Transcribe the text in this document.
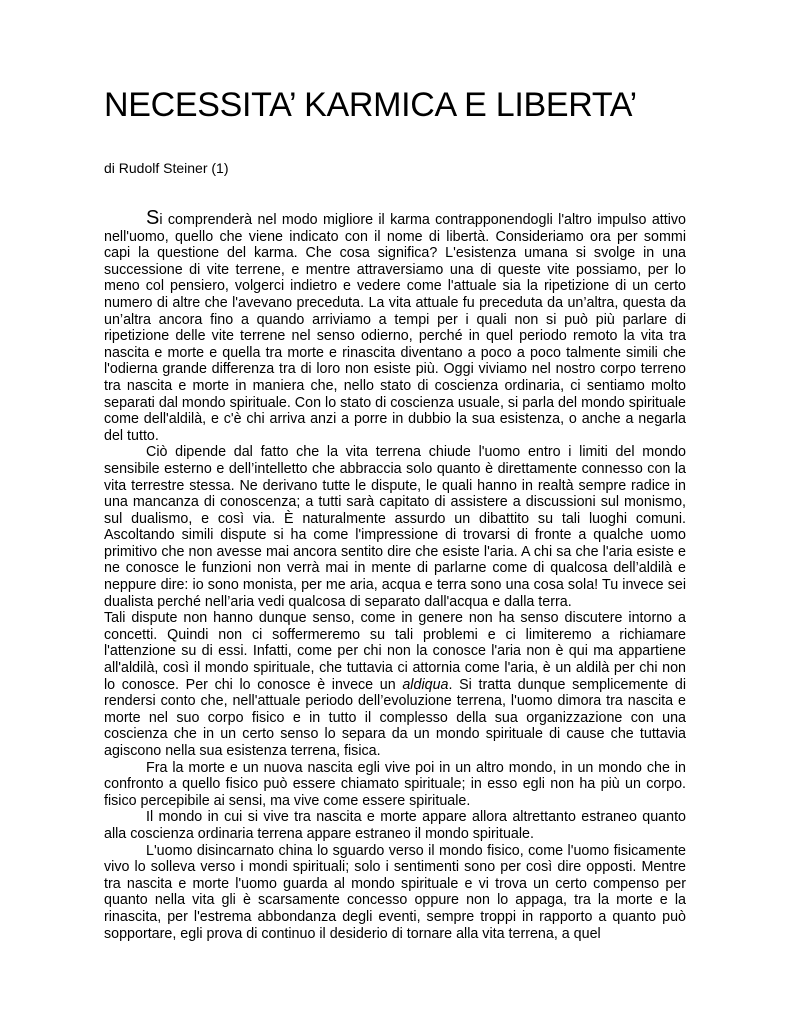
NECESSITA’ KARMICA E LIBERTA’

di Rudolf Steiner (1)

Si comprenderà nel modo migliore il karma contrapponendogli l'altro impulso attivo nell'uomo, quello che viene indicato con il nome di libertà. Consideriamo ora per sommi capi la questione del karma. Che cosa significa? L'esistenza umana si svolge in una successione di vite terrene, e mentre attraversiamo una di queste vite possiamo, per lo meno col pensiero, volgerci indietro e vedere come l'attuale sia la ripetizione di un certo numero di altre che l'avevano preceduta. La vita attuale fu preceduta da un’altra, questa da un’altra ancora fino a quando arriviamo a tempi per i quali non si può più parlare di ripetizione delle vite terrene nel senso odierno, perché in quel periodo remoto la vita tra nascita e morte e quella tra morte e rinascita diventano a poco a poco talmente simili che l'odierna grande differenza tra di loro non esiste più. Oggi viviamo nel nostro corpo terreno tra nascita e morte in maniera che, nello stato di coscienza ordinaria, ci sentiamo molto separati dal mondo spirituale. Con lo stato di coscienza usuale, si parla del mondo spirituale come dell'aldilà, e c'è chi arriva anzi a porre in dubbio la sua esistenza, o anche a negarla del tutto.

Ciò dipende dal fatto che la vita terrena chiude l'uomo entro i limiti del mondo sensibile esterno e dell’intelletto che abbraccia solo quanto è direttamente connesso con la vita terrestre stessa. Ne derivano tutte le dispute, le quali hanno in realtà sempre radice in una mancanza di conoscenza; a tutti sarà capitato di assistere a discussioni sul monismo, sul dualismo, e così via. È naturalmente assurdo un dibattito su tali luoghi comuni. Ascoltando simili dispute si ha come l'impressione di trovarsi di fronte a qualche uomo primitivo che non avesse mai ancora sentito dire che esiste l'aria. A chi sa che l'aria esiste e ne conosce le funzioni non verrà mai in mente di parlarne come di qualcosa dell’aldilà e neppure dire: io sono monista, per me aria, acqua e terra sono una cosa sola! Tu invece sei dualista perché nell’aria vedi qualcosa di separato dall'acqua e dalla terra.

Tali dispute non hanno dunque senso, come in genere non ha senso discutere intorno a concetti. Quindi non ci soffermeremo su tali problemi e ci limiteremo a richiamare l'attenzione su di essi. Infatti, come per chi non la conosce l'aria non è qui ma appartiene all'aldilà, così il mondo spirituale, che tuttavia ci attornia come l'aria, è un aldilà per chi non lo conosce. Per chi lo conosce è invece un aldiqua. Si tratta dunque semplicemente di rendersi conto che, nell'attuale periodo dell’evoluzione terrena, l'uomo dimora tra nascita e morte nel suo corpo fisico e in tutto il complesso della sua organizzazione con una coscienza che in un certo senso lo separa da un mondo spirituale di cause che tuttavia agiscono nella sua esistenza terrena, fisica.

Fra la morte e un nuova nascita egli vive poi in un altro mondo, in un mondo che in confronto a quello fisico può essere chiamato spirituale; in esso egli non ha più un corpo. fisico percepibile ai sensi, ma vive come essere spirituale.

Il mondo in cui si vive tra nascita e morte appare allora altrettanto estraneo quanto alla coscienza ordinaria terrena appare estraneo il mondo spirituale.

L'uomo disincarnato china lo sguardo verso il mondo fisico, come l'uomo fisicamente vivo lo solleva verso i mondi spirituali; solo i sentimenti sono per così dire opposti. Mentre tra nascita e morte l'uomo guarda al mondo spirituale e vi trova un certo compenso per quanto nella vita gli è scarsamente concesso oppure non lo appaga, tra la morte e la rinascita, per l'estrema abbondanza degli eventi, sempre troppi in rapporto a quanto può sopportare, egli prova di continuo il desiderio di tornare alla vita terrena, a quel
